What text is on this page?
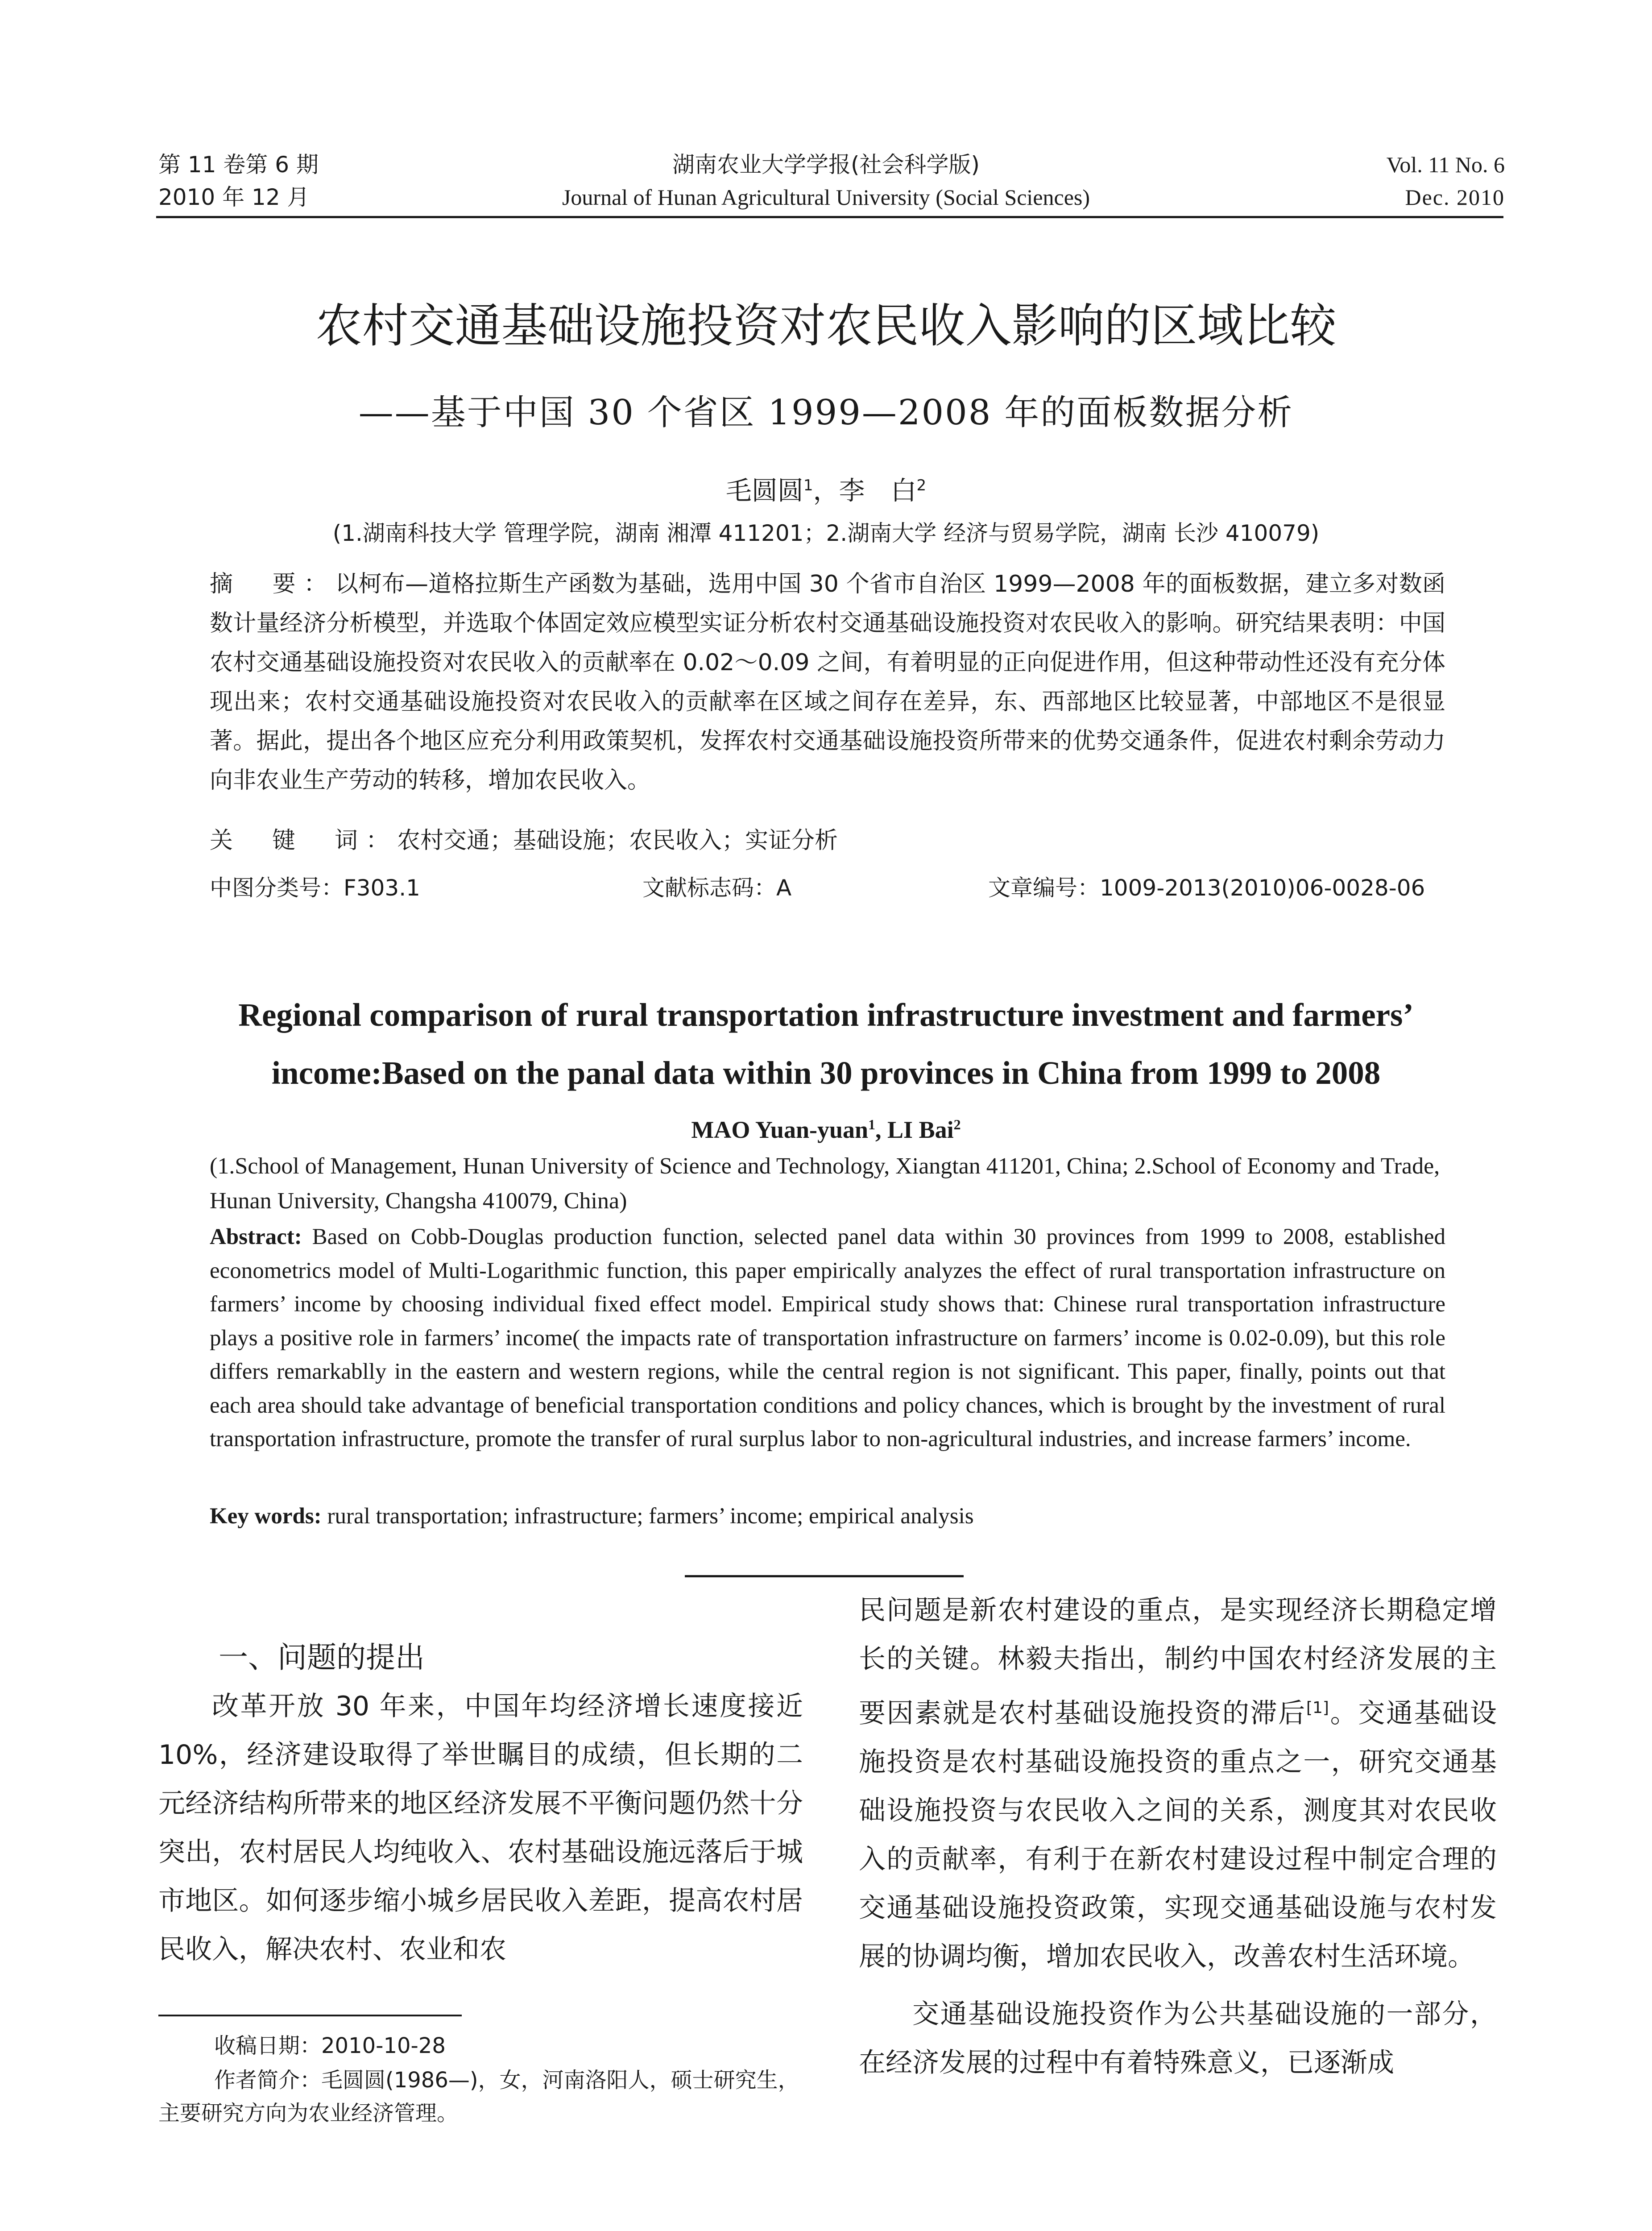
第 11 卷第 6 期
2010 年 12 月
湖南农业大学学报(社会科学版)
Journal of Hunan Agricultural University (Social Sciences)
Vol. 11 No. 6
Dec. 2010
农村交通基础设施投资对农民收入影响的区域比较
——基于中国 30 个省区 1999—2008 年的面板数据分析
毛圆圆$^1$，李　白$^2$
(1.湖南科技大学 管理学院，湖南 湘潭 411201；2.湖南大学 经济与贸易学院，湖南 长沙 410079)
摘　要：以柯布—道格拉斯生产函数为基础，选用中国 30 个省市自治区 1999—2008 年的面板数据，建立多对数函数计量经济分析模型，并选取个体固定效应模型实证分析农村交通基础设施投资对农民收入的影响。研究结果表明：中国农村交通基础设施投资对农民收入的贡献率在 0.02～0.09 之间，有着明显的正向促进作用，但这种带动性还没有充分体现出来；农村交通基础设施投资对农民收入的贡献率在区域之间存在差异，东、西部地区比较显著，中部地区不是很显著。据此，提出各个地区应充分利用政策契机，发挥农村交通基础设施投资所带来的优势交通条件，促进农村剩余劳动力向非农业生产劳动的转移，增加农民收入。
关　键　词：农村交通；基础设施；农民收入；实证分析
中图分类号：F303.1	文献标志码：A	文章编号：1009-2013(2010)06-0028-06
Regional comparison of rural transportation infrastructure investment and farmers’
income:Based on the panal data within 30 provinces in China from 1999 to 2008
MAO Yuan-yuan$^1$, LI Bai$^2$
(1.School of Management, Hunan University of Science and Technology, Xiangtan 411201, China; 2.School of Economy and Trade, Hunan University, Changsha 410079, China)
Abstract: Based on Cobb-Douglas production function, selected panel data within 30 provinces from 1999 to 2008, established econometrics model of Multi-Logarithmic function, this paper empirically analyzes the effect of rural transportation infrastructure on farmers’ income by choosing individual fixed effect model. Empirical study shows that: Chinese rural transportation infrastructure plays a positive role in farmers’ income( the impacts rate of transportation infrastructure on farmers’ income is 0.02-0.09), but this role differs remarkablly in the eastern and western regions, while the central region is not significant. This paper, finally, points out that each area should take advantage of beneficial transportation conditions and policy chances, which is brought by the investment of rural transportation infrastructure, promote the transfer of rural surplus labor to non-agricultural industries, and increase farmers’ income.
Key words: rural transportation; infrastructure; farmers’ income; empirical analysis
一、问题的提出

改革开放 30 年来，中国年均经济增长速度接近 10%，经济建设取得了举世瞩目的成绩，但长期的二元经济结构所带来的地区经济发展不平衡问题仍然十分突出，农村居民人均纯收入、农村基础设施远落后于城市地区。如何逐步缩小城乡居民收入差距，提高农村居民收入，解决农村、农业和农

民问题是新农村建设的重点，是实现经济长期稳定增长的关键。林毅夫指出，制约中国农村经济发展的主要因素就是农村基础设施投资的滞后[1]。交通基础设施投资是农村基础设施投资的重点之一，研究交通基础设施投资与农民收入之间的关系，测度其对农民收入的贡献率，有利于在新农村建设过程中制定合理的交通基础设施投资政策，实现交通基础设施与农村发展的协调均衡，增加农民收入，改善农村生活环境。

交通基础设施投资作为公共基础设施的一部分，在经济发展的过程中有着特殊意义，已逐渐成

收稿日期：2010-10-28
作者简介：毛圆圆(1986—)，女，河南洛阳人，硕士研究生，主要研究方向为农业经济管理。
